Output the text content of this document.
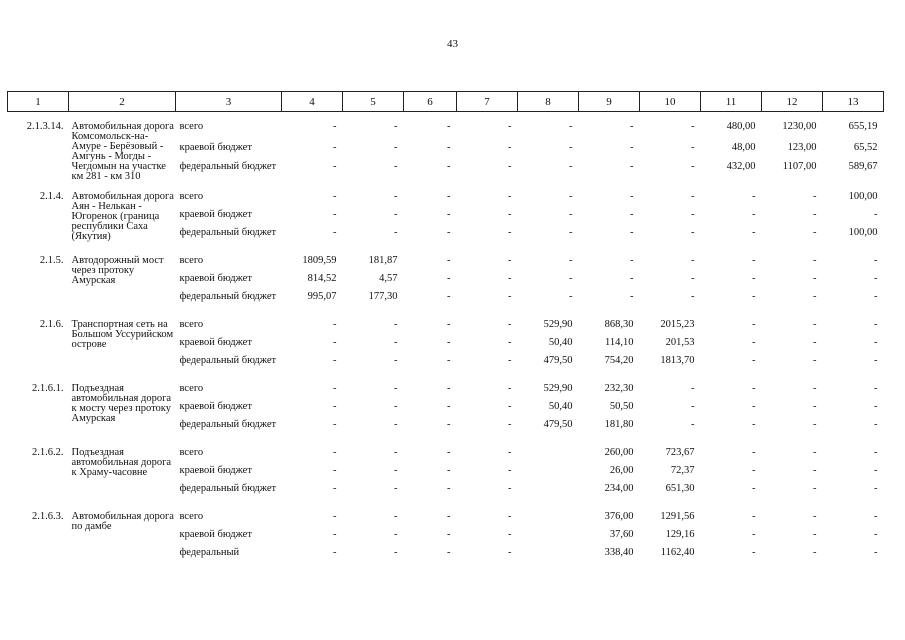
43
1	2	3	4	5	6	7	8	9	10	11	12	13
2.1.3.14.	Автомобильная дорога Комсомольск-на-Амуре - Берёзовый - Амгунь - Могды - Чегдомын на участке км 281 - км 310	всего	-	-	-	-	-	-	-	480,00	1230,00	655,19
		краевой бюджет	-	-	-	-	-	-	-	48,00	123,00	65,52
		федеральный бюджет	-	-	-	-	-	-	-	432,00	1107,00	589,67
2.1.4.	Автомобильная дорога Аян - Нелькан - Югоренок (граница республики Саха (Якутия)	всего	-	-	-	-	-	-	-	-	-	100,00
		краевой бюджет	-	-	-	-	-	-	-	-	-	-
		федеральный бюджет	-	-	-	-	-	-	-	-	-	100,00
2.1.5.	Автодорожный мост через протоку Амурская	всего	1809,59	181,87	-	-	-	-	-	-	-	-
		краевой бюджет	814,52	4,57	-	-	-	-	-	-	-	-
		федеральный бюджет	995,07	177,30	-	-	-	-	-	-	-	-
2.1.6.	Транспортная сеть на Большом Уссурийском острове	всего	-	-	-	-	529,90	868,30	2015,23	-	-	-
		краевой бюджет	-	-	-	-	50,40	114,10	201,53	-	-	-
		федеральный бюджет	-	-	-	-	479,50	754,20	1813,70	-	-	-
2.1.6.1.	Подъездная автомобильная дорога к мосту через протоку Амурская	всего	-	-	-	-	529,90	232,30	-	-	-	-
		краевой бюджет	-	-	-	-	50,40	50,50	-	-	-	-
		федеральный бюджет	-	-	-	-	479,50	181,80	-	-	-	-
2.1.6.2.	Подъездная автомобильная дорога к Храму-часовне	всего	-	-	-	-		260,00	723,67	-	-	-
		краевой бюджет	-	-	-	-		26,00	72,37	-	-	-
		федеральный бюджет	-	-	-	-		234,00	651,30	-	-	-
2.1.6.3.	Автомобильная дорога по дамбе	всего	-	-	-	-		376,00	1291,56	-	-	-
		краевой бюджет	-	-	-	-		37,60	129,16	-	-	-
		федеральный	-	-	-	-		338,40	1162,40	-	-	-
